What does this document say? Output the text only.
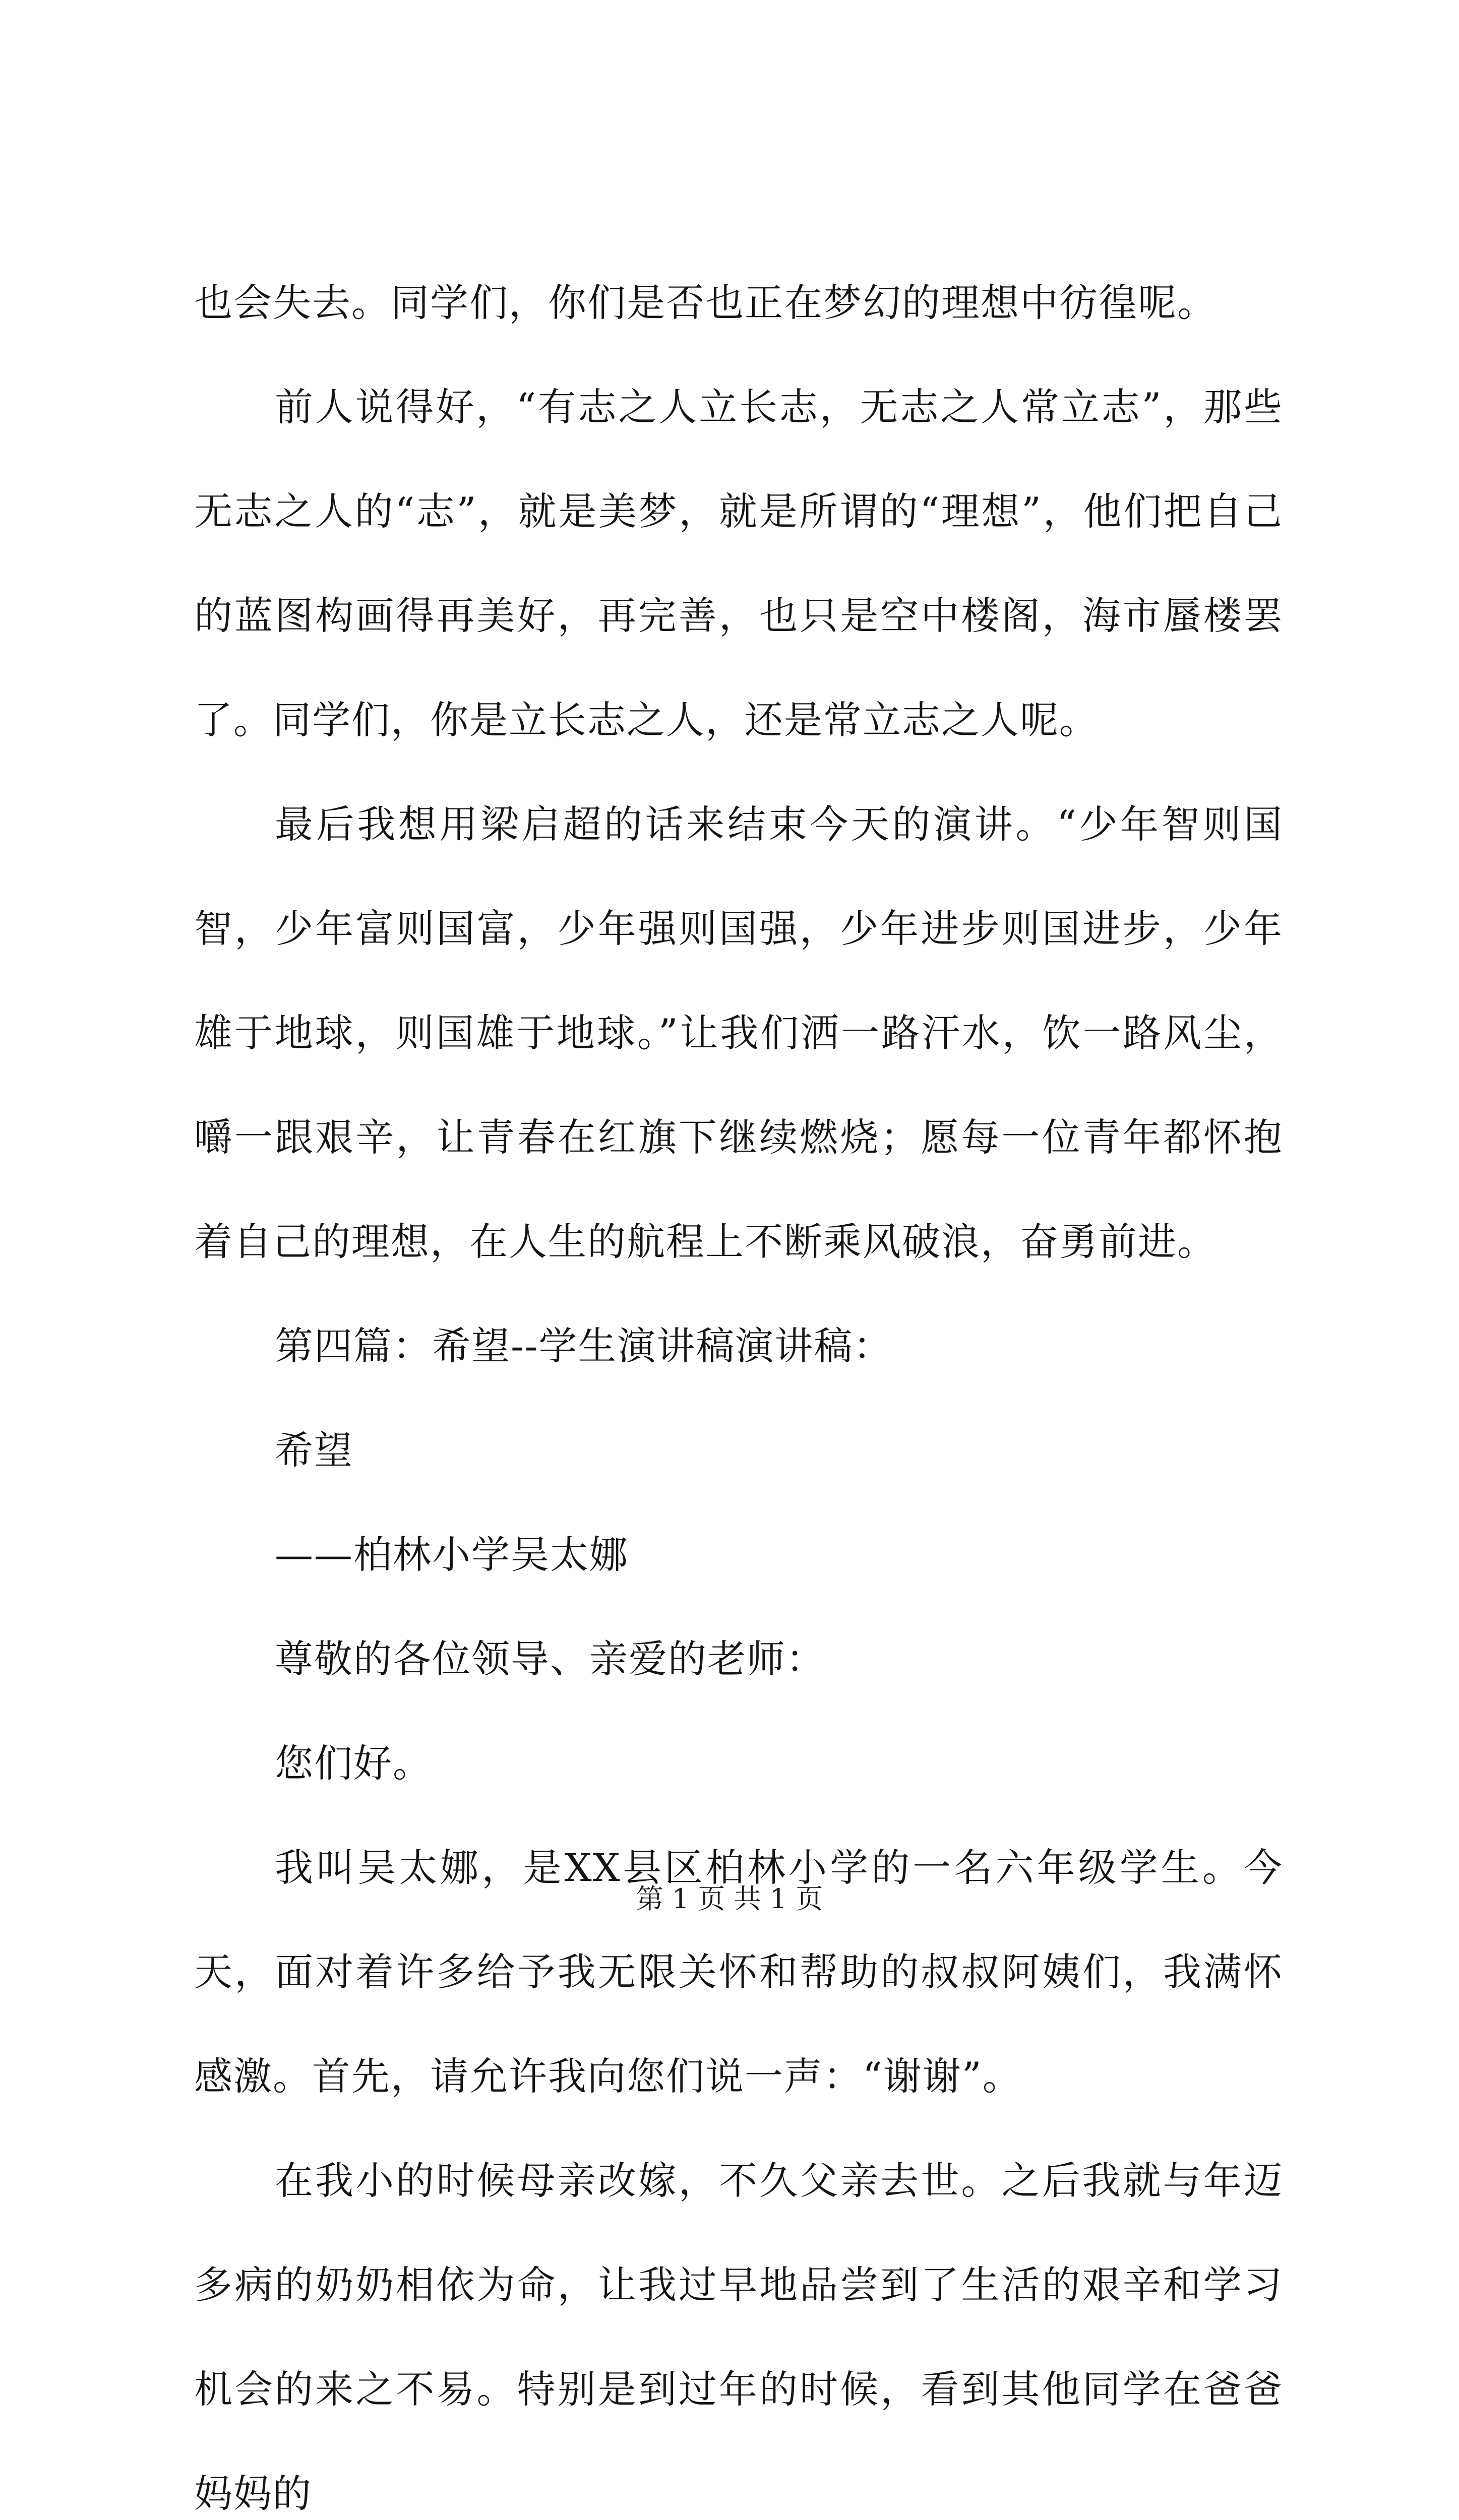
也会失去。同学们，你们是否也正在梦幻的理想中彷徨呢。

前人说得好，“有志之人立长志，无志之人常立志”，那些无志之人的“志”，就是美梦，就是所谓的“理想”，他们把自己的蓝图构画得再美好，再完善，也只是空中楼阁，海市蜃楼罢了。同学们，你是立长志之人，还是常立志之人呢。

最后我想用梁启超的话来结束今天的演讲。“少年智则国智，少年富则国富，少年强则国强，少年进步则国进步，少年雄于地球，则国雄于地球。”让我们洒一路汗水，饮一路风尘，嚼一跟艰辛，让青春在红旗下继续燃烧；愿每一位青年都怀抱着自己的理想，在人生的航程上不断乘风破浪，奋勇前进。

第四篇：希望--学生演讲稿演讲稿：

希望

——柏林小学吴太娜

尊敬的各位领导、亲爱的老师：

您们好。

我叫吴太娜，是XX县区柏林小学的一名六年级学生。今天，面对着许多给予我无限关怀和帮助的叔叔阿姨们，我满怀感激。首先，请允许我向您们说一声：“谢谢”。

在我小的时候母亲改嫁，不久父亲去世。之后我就与年迈多病的奶奶相依为命，让我过早地品尝到了生活的艰辛和学习机会的来之不易。特别是到过年的时候，看到其他同学在爸爸妈妈的

第 1 页 共 1 页
